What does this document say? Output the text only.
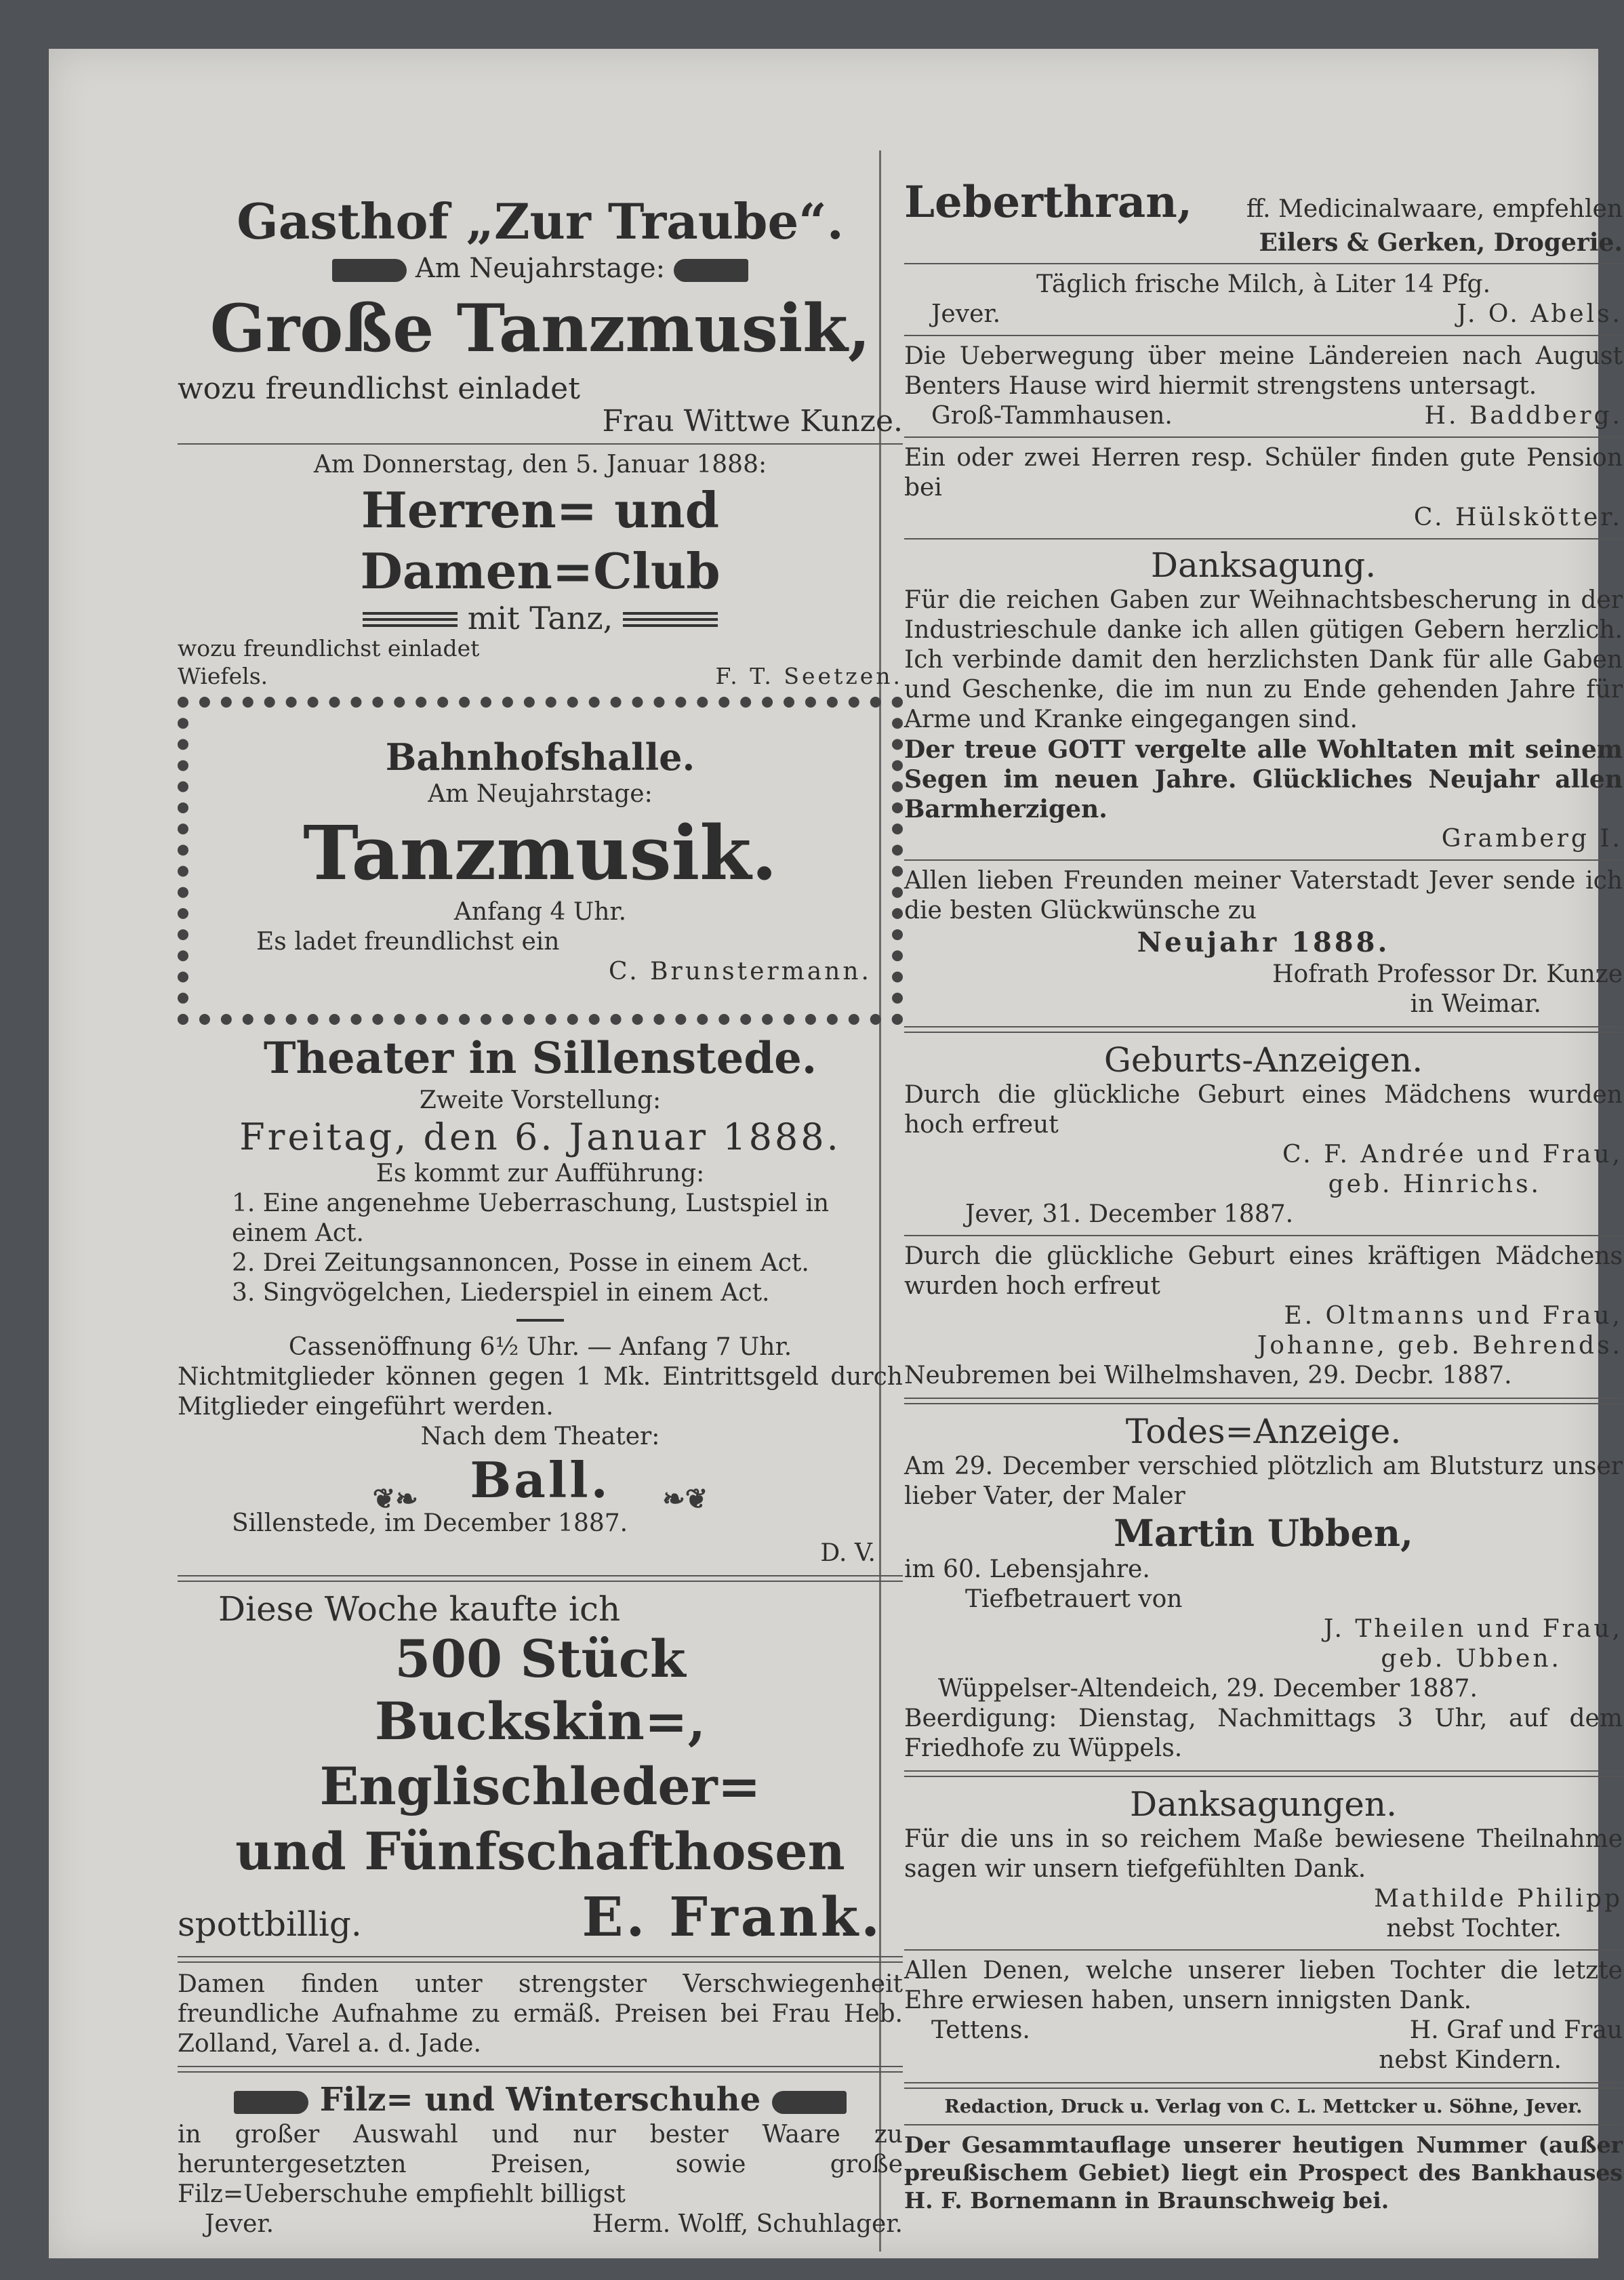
Gasthof „Zur Traube“.
Am Neujahrstage:
Große Tanzmusik,
wozu freundlichst einladet
Frau Wittwe Kunze.
Am Donnerstag, den 5. Januar 1888:
Herren= und Damen=Club
mit Tanz,
wozu freundlichst einladet
Wiefels.	F. T. Seetzen.
Bahnhofshalle.
Am Neujahrstage:
Tanzmusik.
Anfang 4 Uhr.
Es ladet freundlichst ein
C. Brunstermann.
Theater in Sillenstede.
Zweite Vorstellung:
Freitag, den 6. Januar 1888.
Es kommt zur Aufführung:
1. Eine angenehme Ueberraschung, Lustspiel in einem Act.
2. Drei Zeitungsannoncen, Posse in einem Act.
3. Singvögelchen, Liederspiel in einem Act.
Cassenöffnung 6½ Uhr. — Anfang 7 Uhr.
Nichtmitglieder können gegen 1 Mk. Eintrittsgeld durch Mitglieder eingeführt werden.
Nach dem Theater:
❦❧ Ball. ❧❦
Sillenstede, im December 1887.
D. V.
Diese Woche kaufte ich
500 Stück
Buckskin=, Englischleder=
und Fünfschafthosen
spottbillig.	E. Frank.
Damen finden unter strengster Verschwiegenheit freundliche Aufnahme zu ermäß. Preisen bei Frau Heb. Zolland, Varel a. d. Jade.
Filz= und Winterschuhe
in großer Auswahl und nur bester Waare zu heruntergesetzten Preisen, sowie große Filz=Ueberschuhe empfiehlt billigst
Jever.	Herm. Wolff, Schuhlager.
Leberthran, ff. Medicinalwaare, empfehlen
Eilers & Gerken, Drogerie.
Täglich frische Milch, à Liter 14 Pfg.
Jever.	J. O. Abels.
Die Ueberwegung über meine Ländereien nach August Benters Hause wird hiermit strengstens untersagt.
Groß-Tammhausen.	H. Baddberg.
Ein oder zwei Herren resp. Schüler finden gute Pension bei
C. Hülskötter.
Danksagung.
Für die reichen Gaben zur Weihnachtsbescherung in der Industrieschule danke ich allen gütigen Gebern herzlich. Ich verbinde damit den herzlichsten Dank für alle Gaben und Geschenke, die im nun zu Ende gehenden Jahre für Arme und Kranke eingegangen sind.
Der treue GOTT vergelte alle Wohltaten mit seinem Segen im neuen Jahre. Glückliches Neujahr allen Barmherzigen.
Gramberg I.
Allen lieben Freunden meiner Vaterstadt Jever sende ich die besten Glückwünsche zu
Neujahr 1888.
Hofrath Professor Dr. Kunze
in Weimar.
Geburts-Anzeigen.
Durch die glückliche Geburt eines Mädchens wurden hoch erfreut
C. F. Andrée und Frau,
geb. Hinrichs.
Jever, 31. December 1887.
Durch die glückliche Geburt eines kräftigen Mädchens wurden hoch erfreut
E. Oltmanns und Frau,
Johanne, geb. Behrends.
Neubremen bei Wilhelmshaven, 29. Decbr. 1887.
Todes=Anzeige.
Am 29. December verschied plötzlich am Blutsturz unser lieber Vater, der Maler
Martin Ubben,
im 60. Lebensjahre.
Tiefbetrauert von
J. Theilen und Frau,
geb. Ubben.
Wüppelser-Altendeich, 29. December 1887.
Beerdigung: Dienstag, Nachmittags 3 Uhr, auf dem Friedhofe zu Wüppels.
Danksagungen.
Für die uns in so reichem Maße bewiesene Theilnahme sagen wir unsern tiefgefühlten Dank.
Mathilde Philipp
nebst Tochter.
Allen Denen, welche unserer lieben Tochter die letzte Ehre erwiesen haben, unsern innigsten Dank.
Tettens.	H. Graf und Frau
nebst Kindern.
Redaction, Druck u. Verlag von C. L. Mettcker u. Söhne, Jever.
Der Gesammtauflage unserer heutigen Nummer (außer preußischem Gebiet) liegt ein Prospect des Bankhauses H. F. Bornemann in Braunschweig bei.
